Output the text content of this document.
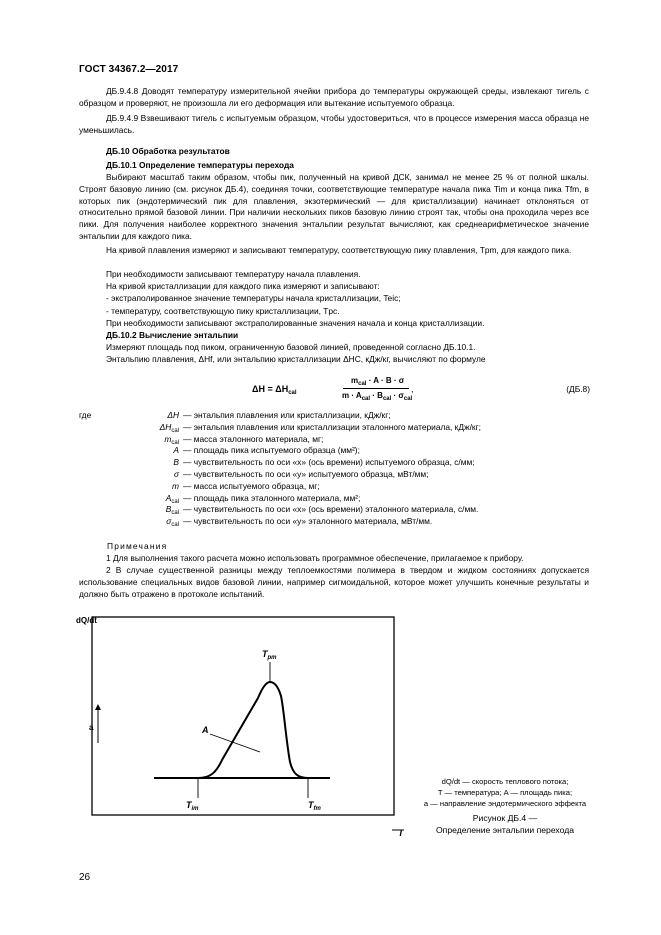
ГОСТ 34367.2—2017
ДБ.9.4.8 Доводят температуру измерительной ячейки прибора до температуры окружающей среды, извлекают тигель с образцом и проверяют, не произошла ли его деформация или вытекание испытуемого образца.
ДБ.9.4.9 Взвешивают тигель с испытуемым образцом, чтобы удостовериться, что в процессе измерения масса образца не уменьшилась.
ДБ.10 Обработка результатов
ДБ.10.1 Определение температуры перехода
Выбирают масштаб таким образом, чтобы пик, полученный на кривой ДСК, занимал не менее 25 % от полной шкалы. Строят базовую линию (см. рисунок ДБ.4), соединяя точки, соответствующие температуре начала пика Tim и конца пика Tfm, в которых пик (эндотермический пик для плавления, экзотермический — для кристаллизации) начинает отклоняться от относительно прямой базовой линии. При наличии нескольких пиков базовую линию строят так, чтобы она проходила через все пики. Для получения наиболее корректного значения энтальпии результат вычисляют, как среднеарифметическое значение энтальпии для каждого пика.
На кривой плавления измеряют и записывают температуру, соответствующую пику плавления, Tpm, для каждого пика.
При необходимости записывают температуру начала плавления.
На кривой кристаллизации для каждого пика измеряют и записывают:
- экстраполированное значение температуры начала кристаллизации, Teic;
- температуру, соответствующую пику кристаллизации, Tpc.
При необходимости записывают экстраполированные значения начала и конца кристаллизации.
ДБ.10.2 Вычисление энтальпии
Измеряют площадь под пиком, ограниченную базовой линией, проведенной согласно ДБ.10.1.
Энтальпию плавления, ΔHf, или энтальпию кристаллизации ΔHC, кДж/кг, вычисляют по формуле
$\Delta H = \Delta H_{cal}$
$m_{cal} \cdot A \cdot B \cdot \sigma$
$m \cdot A_{cal} \cdot B_{cal} \cdot \sigma_{cal}$
,	(ДБ.8)
где	ΔH — энтальпия плавления или кристаллизации, кДж/кг;
$\Delta H_{cal}$ — энтальпия плавления или кристаллизации эталонного материала, кДж/кг;
$m_{cal}$ — масса эталонного материала, мг;
A — площадь пика испытуемого образца (мм²);
B — чувствительность по оси «х» (ось времени) испытуемого образца, с/мм;
σ — чувствительность по оси «у» испытуемого образца, мВт/мм;
m — масса испытуемого образца, мг;
$A_{cal}$ — площадь пика эталонного материала, мм²;
$B_{cal}$ — чувствительность по оси «х» (ось времени) эталонного материала, с/мм.
$\sigma_{cal}$ — чувствительность по оси «у» эталонного материала, мВт/мм.
Примечания
1 Для выполнения такого расчета можно использовать программное обеспечение, прилагаемое к прибору.
2 В случае существенной разницы между теплоемкостями полимера в твердом и жидком состояниях допускается использование специальных видов базовой линии, например сигмоидальной, которое может улучшить конечные результаты и должно быть отражено в протоколе испытаний.
dQ/dt
T
a	A
$T_{pm}$
$T_{im}$	$T_{fm}$
dQ/dt — скорость теплового потока;
T — температура; A — площадь пика;
a — направление эндотермического эффекта
Рисунок ДБ.4 —
Определение энтальпии перехода
26
